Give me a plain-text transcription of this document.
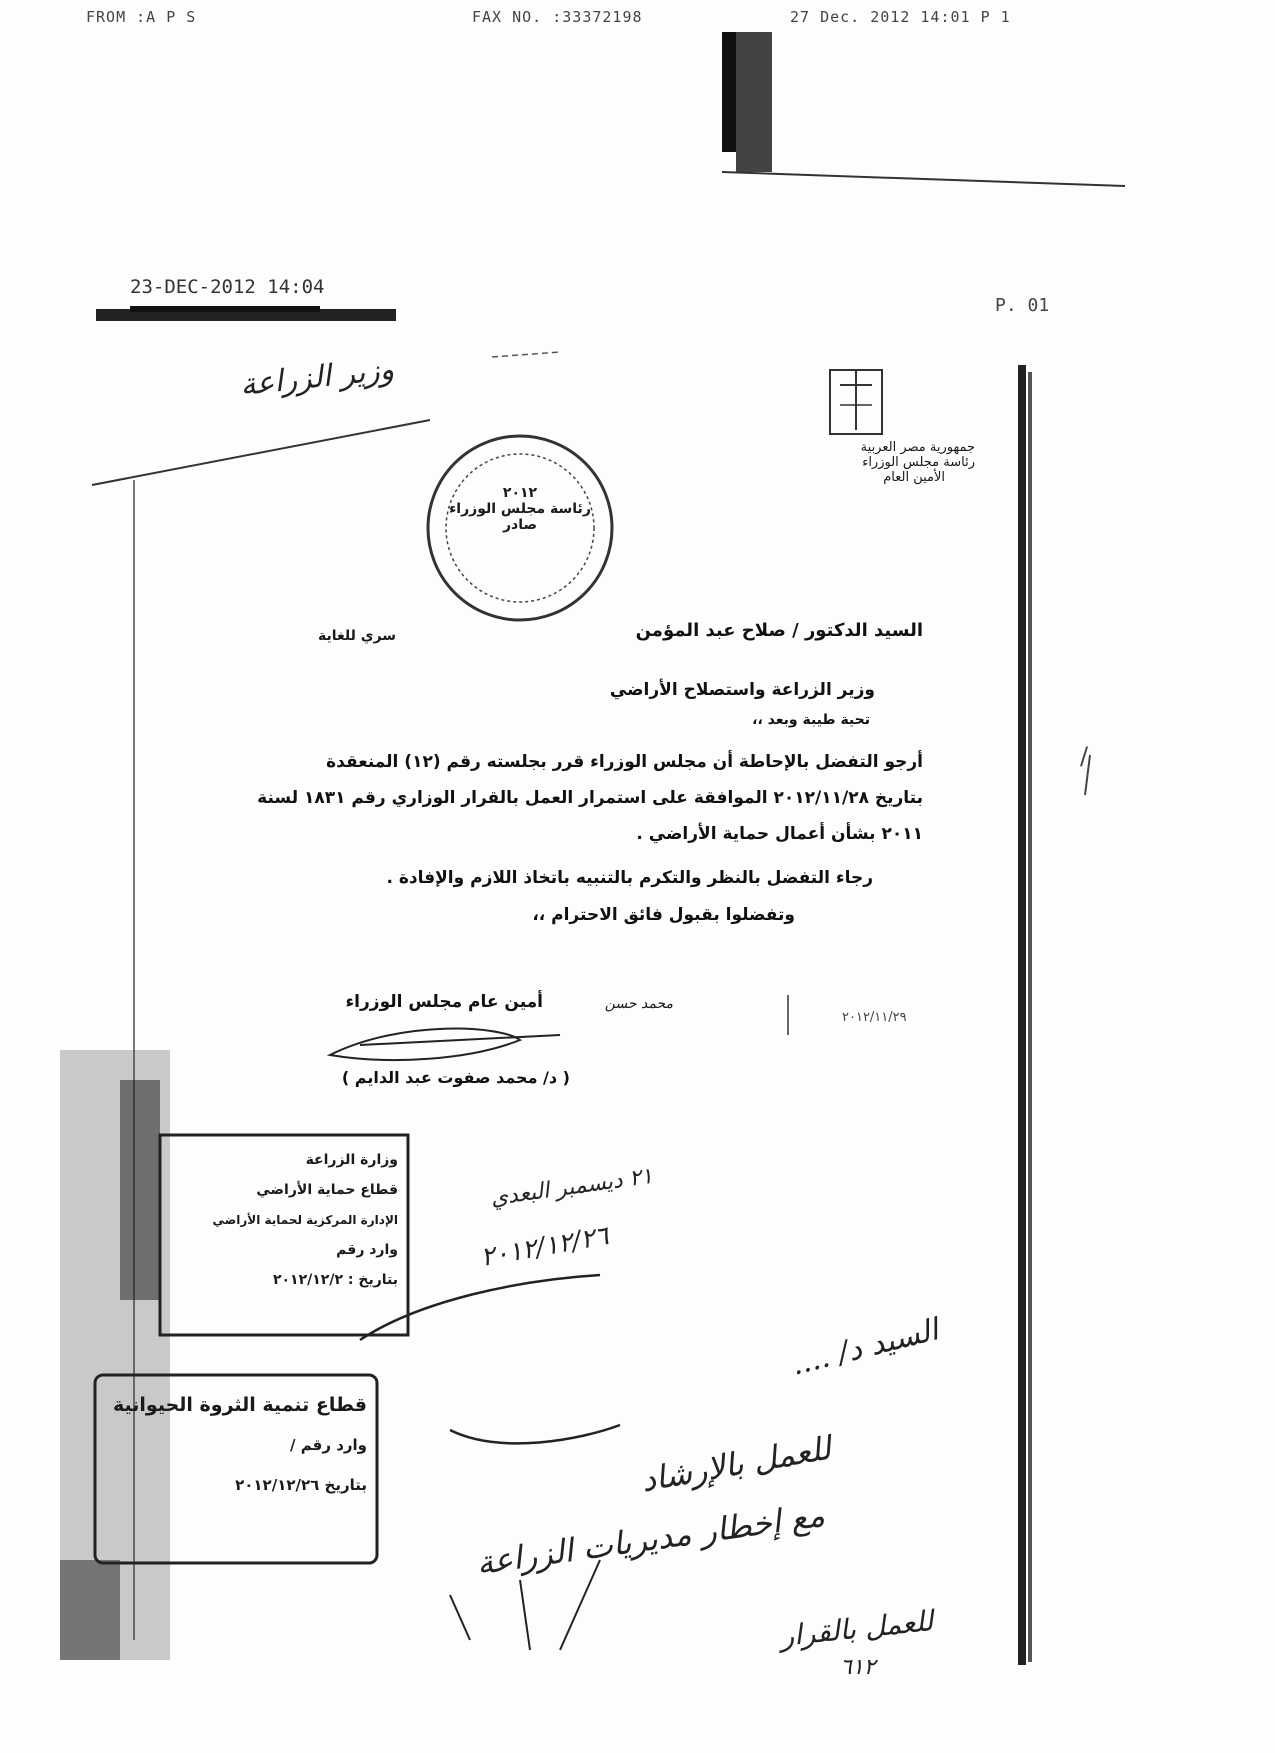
FROM :A P S	FAX NO. :33372198	27 Dec. 2012 14:01 P 1
23-DEC-2012 14:04
P. 01
وزير الزراعة
جمهورية مصر العربية
رئاسة مجلس الوزراء
الأمين العام
٢٠١٢
رئاسة مجلس الوزراء
صادر
سري للغاية	السيد الدكتور / صلاح عبد المؤمن
وزير الزراعة واستصلاح الأراضي
تحية طيبة وبعد ،،
أرجو التفضل بالإحاطة أن مجلس الوزراء قرر بجلسته رقم (١٢) المنعقدة
بتاريخ ٢٠١٢/١١/٢٨ الموافقة على استمرار العمل بالقرار الوزاري رقم ١٨٣١ لسنة
٢٠١١ بشأن أعمال حماية الأراضي .
رجاء التفضل بالنظر والتكرم بالتنبيه باتخاذ اللازم والإفادة .
وتفضلوا بقبول فائق الاحترام ،،
أمين عام مجلس الوزراء	محمد حسن
( د/ محمد صفوت عبد الدايم )
٢٠١٢/١١/٢٩
/
وزارة الزراعة
قطاع حماية الأراضي
الإدارة المركزية لحماية الأراضي
وارد رقم
بتاريخ : ٢٠١٢/١٢/٢
قطاع تنمية الثروة الحيوانية
وارد رقم /
بتاريخ ٢٠١٢/١٢/٢٦
٢١ ديسمبر البعدي
٢٠١٢/١٢/٢٦
السيد د/ ....
للعمل بالإرشاد
مع إخطار مديريات الزراعة
للعمل بالقرار
٦١٢
